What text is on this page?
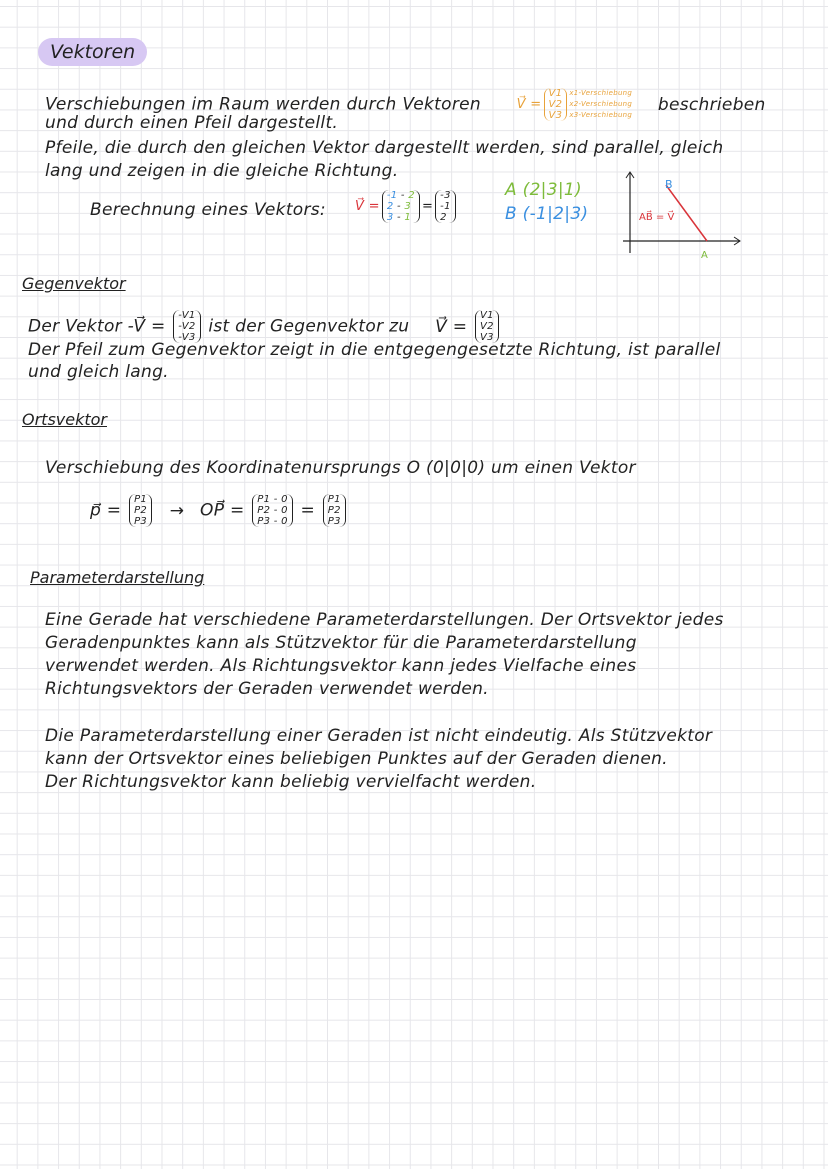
Vektoren
Verschiebungen im Raum werden durch Vektoren	V⃗ =
V1
V2
V3
x1-Verschiebung
x2-Verschiebung
x3-Verschiebung
beschrieben
und durch einen Pfeil dargestellt.
Pfeile, die durch den gleichen Vektor dargestellt werden, sind parallel, gleich
lang und zeigen in die gleiche Richtung.
Berechnung eines Vektors: V⃗ =
-1 - 2
2 - 3
3 - 1
=
-3
-1
2
A (2|3|1)
B (-1|2|3)
B
A
AB⃗ = V⃗
Gegenvektor
Der Vektor -V⃗ =
-V1
-V2
-V3
ist der Gegenvektor zu V⃗ =
V1
V2
V3
Der Pfeil zum Gegenvektor zeigt in die entgegengesetzte Richtung, ist parallel
und gleich lang.
Ortsvektor
Verschiebung des Koordinatenursprungs O (0|0|0) um einen Vektor
p⃗ =
P1
P2
P3
→ OP⃗ =
P1 - 0
P2 - 0
P3 - 0
=
P1
P2
P3
Parameterdarstellung
Eine Gerade hat verschiedene Parameterdarstellungen. Der Ortsvektor jedes
Geradenpunktes kann als Stützvektor für die Parameterdarstellung
verwendet werden. Als Richtungsvektor kann jedes Vielfache eines
Richtungsvektors der Geraden verwendet werden.
Die Parameterdarstellung einer Geraden ist nicht eindeutig. Als Stützvektor
kann der Ortsvektor eines beliebigen Punktes auf der Geraden dienen.
Der Richtungsvektor kann beliebig vervielfacht werden.
